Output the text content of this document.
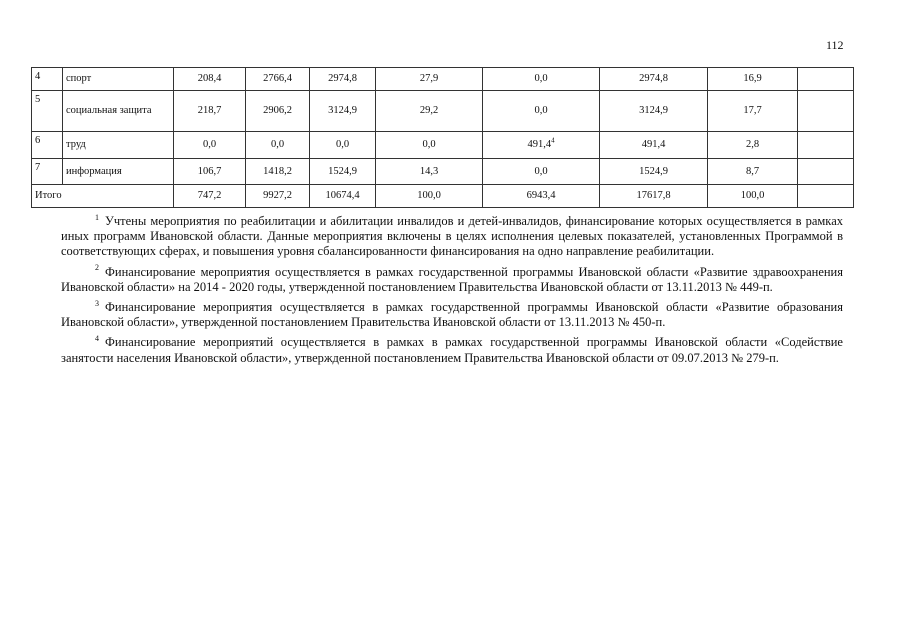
112
4	спорт	208,4	2766,4	2974,8	27,9	0,0	2974,8	16,9	
5	социальная защита	218,7	2906,2	3124,9	29,2	0,0	3124,9	17,7	
6	труд	0,0	0,0	0,0	0,0	491,4$^4$	491,4	2,8	
7	информация	106,7	1418,2	1524,9	14,3	0,0	1524,9	8,7	
Итого		747,2	9927,2	10674,4	100,0	6943,4	17617,8	100,0	

$^1$ Учтены мероприятия по реабилитации и абилитации инвалидов и детей-инвалидов, финансирование которых осуществляется в рамках иных программ Ивановской области. Данные мероприятия включены в целях исполнения целевых показателей, установленных Программой в соответствующих сферах, и повышения уровня сбалансированности финансирования на одно направление реабилитации.

$^2$ Финансирование мероприятия осуществляется в рамках государственной программы Ивановской области «Развитие здравоохранения Ивановской области» на 2014 - 2020 годы, утвержденной постановлением Правительства Ивановской области от 13.11.2013 № 449-п.

$^3$ Финансирование мероприятия осуществляется в рамках государственной программы Ивановской области «Развитие образования Ивановской области», утвержденной постановлением Правительства Ивановской области от 13.11.2013 № 450-п.

$^4$ Финансирование мероприятий осуществляется в рамках в рамках государственной программы Ивановской области «Содействие занятости населения Ивановской области», утвержденной постановлением Правительства Ивановской области от 09.07.2013 № 279-п.
